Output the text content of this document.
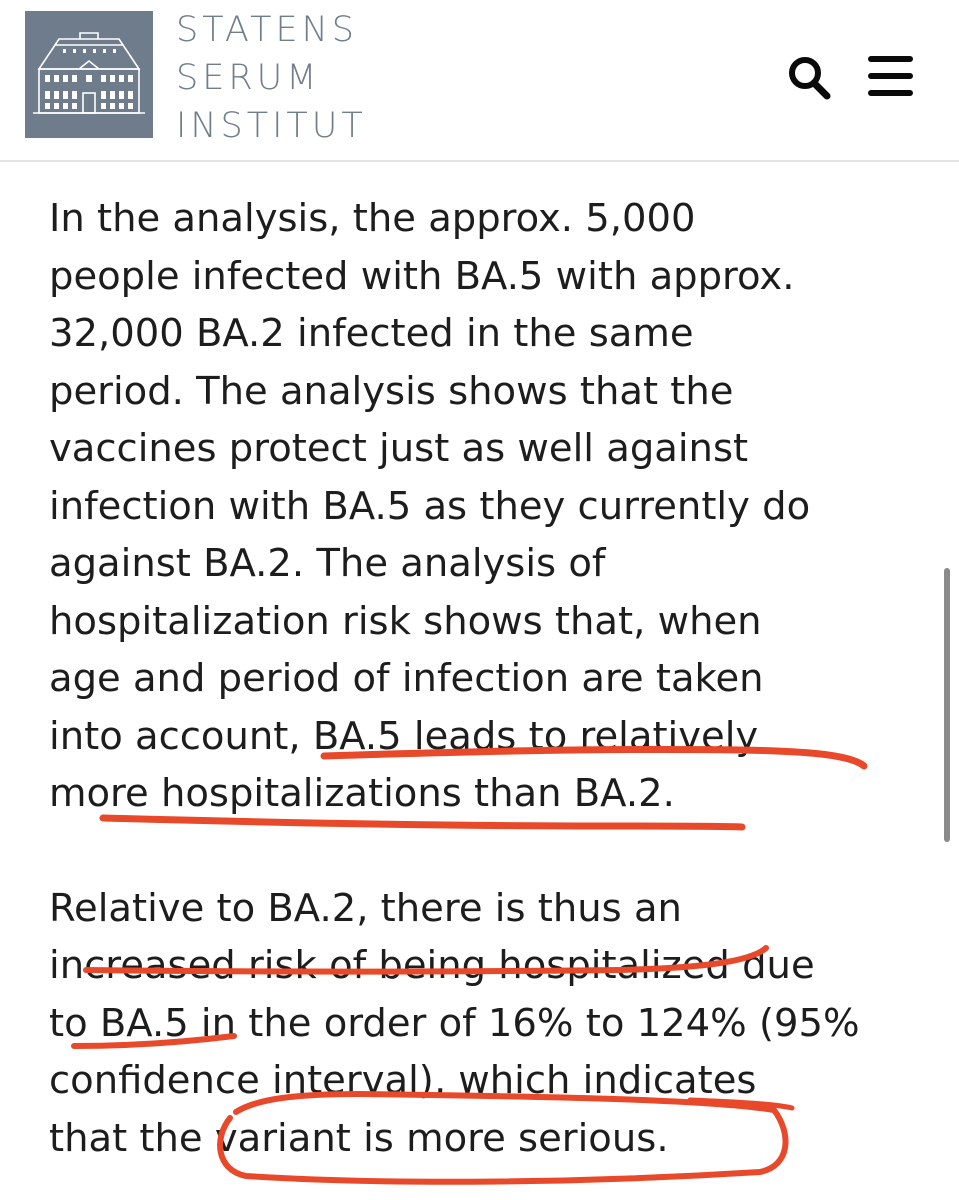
STATENS
SERUM
INSTITUT

In the analysis, the approx. 5,000
people infected with BA.5 with approx.
32,000 BA.2 infected in the same
period. The analysis shows that the
vaccines protect just as well against
infection with BA.5 as they currently do
against BA.2. The analysis of
hospitalization risk shows that, when
age and period of infection are taken
into account, BA.5 leads to relatively
more hospitalizations than BA.2.

Relative to BA.2, there is thus an
increased risk of being hospitalized due
to BA.5 in the order of 16% to 124% (95%
confidence interval), which indicates
that the variant is more serious.
